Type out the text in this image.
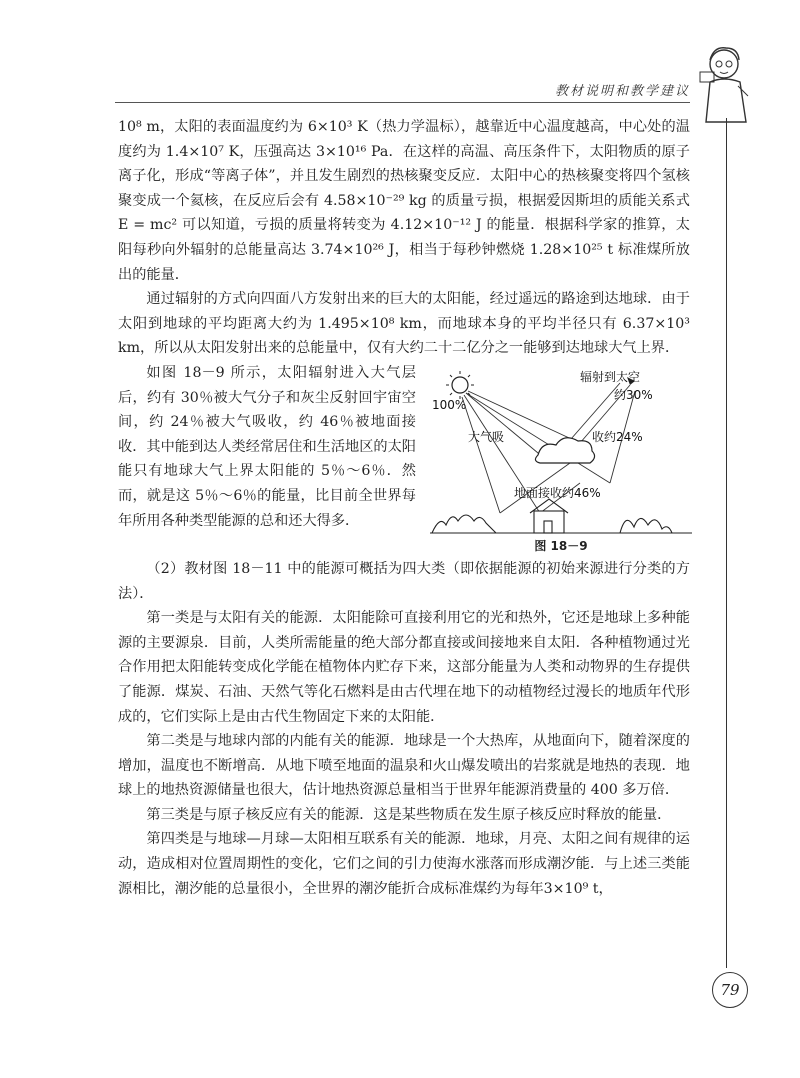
教材说明和教学建议

10⁸ m，太阳的表面温度约为 6×10³ K（热力学温标），越靠近中心温度越高，中心处的温度约为 1.4×10⁷ K，压强高达 3×10¹⁶ Pa．在这样的高温、高压条件下，太阳物质的原子离子化，形成“等离子体”，并且发生剧烈的热核聚变反应．太阳中心的热核聚变将四个氢核聚变成一个氦核，在反应后会有 4.58×10⁻²⁹ kg 的质量亏损，根据爱因斯坦的质能关系式 E = mc² 可以知道，亏损的质量将转变为 4.12×10⁻¹² J 的能量．根据科学家的推算，太阳每秒向外辐射的总能量高达 3.74×10²⁶ J，相当于每秒钟燃烧 1.28×10²⁵ t 标准煤所放出的能量．

通过辐射的方式向四面八方发射出来的巨大的太阳能，经过遥远的路途到达地球．由于太阳到地球的平均距离大约为 1.495×10⁸ km，而地球本身的平均半径只有 6.37×10³ km，所以从太阳发射出来的总能量中，仅有大约二十二亿分之一能够到达地球大气上界．

如图 18－9 所示，太阳辐射进入大气层后，约有 30％被大气分子和灰尘反射回宇宙空间，约 24％被大气吸收，约 46％被地面接收．其中能到达人类经常居住和生活地区的太阳能只有地球大气上界太阳能的 5％～6％．然而，就是这 5％～6％的能量，比目前全世界每年所用各种类型能源的总和还大得多．

100%
辐射到太空
约30%
大气吸	收约24%
地面接收约46%
图 18－9

（2）教材图 18－11 中的能源可概括为四大类（即依据能源的初始来源进行分类的方法）．

第一类是与太阳有关的能源．太阳能除可直接利用它的光和热外，它还是地球上多种能源的主要源泉．目前，人类所需能量的绝大部分都直接或间接地来自太阳．各种植物通过光合作用把太阳能转变成化学能在植物体内贮存下来，这部分能量为人类和动物界的生存提供了能源．煤炭、石油、天然气等化石燃料是由古代埋在地下的动植物经过漫长的地质年代形成的，它们实际上是由古代生物固定下来的太阳能．

第二类是与地球内部的内能有关的能源．地球是一个大热库，从地面向下，随着深度的增加，温度也不断增高．从地下喷至地面的温泉和火山爆发喷出的岩浆就是地热的表现．地球上的地热资源储量也很大，估计地热资源总量相当于世界年能源消费量的 400 多万倍．

第三类是与原子核反应有关的能源．这是某些物质在发生原子核反应时释放的能量．

第四类是与地球—月球—太阳相互联系有关的能源．地球，月亮、太阳之间有规律的运动，造成相对位置周期性的变化，它们之间的引力使海水涨落而形成潮汐能．与上述三类能源相比，潮汐能的总量很小，全世界的潮汐能折合成标准煤约为每年3×10⁹ t，

79
